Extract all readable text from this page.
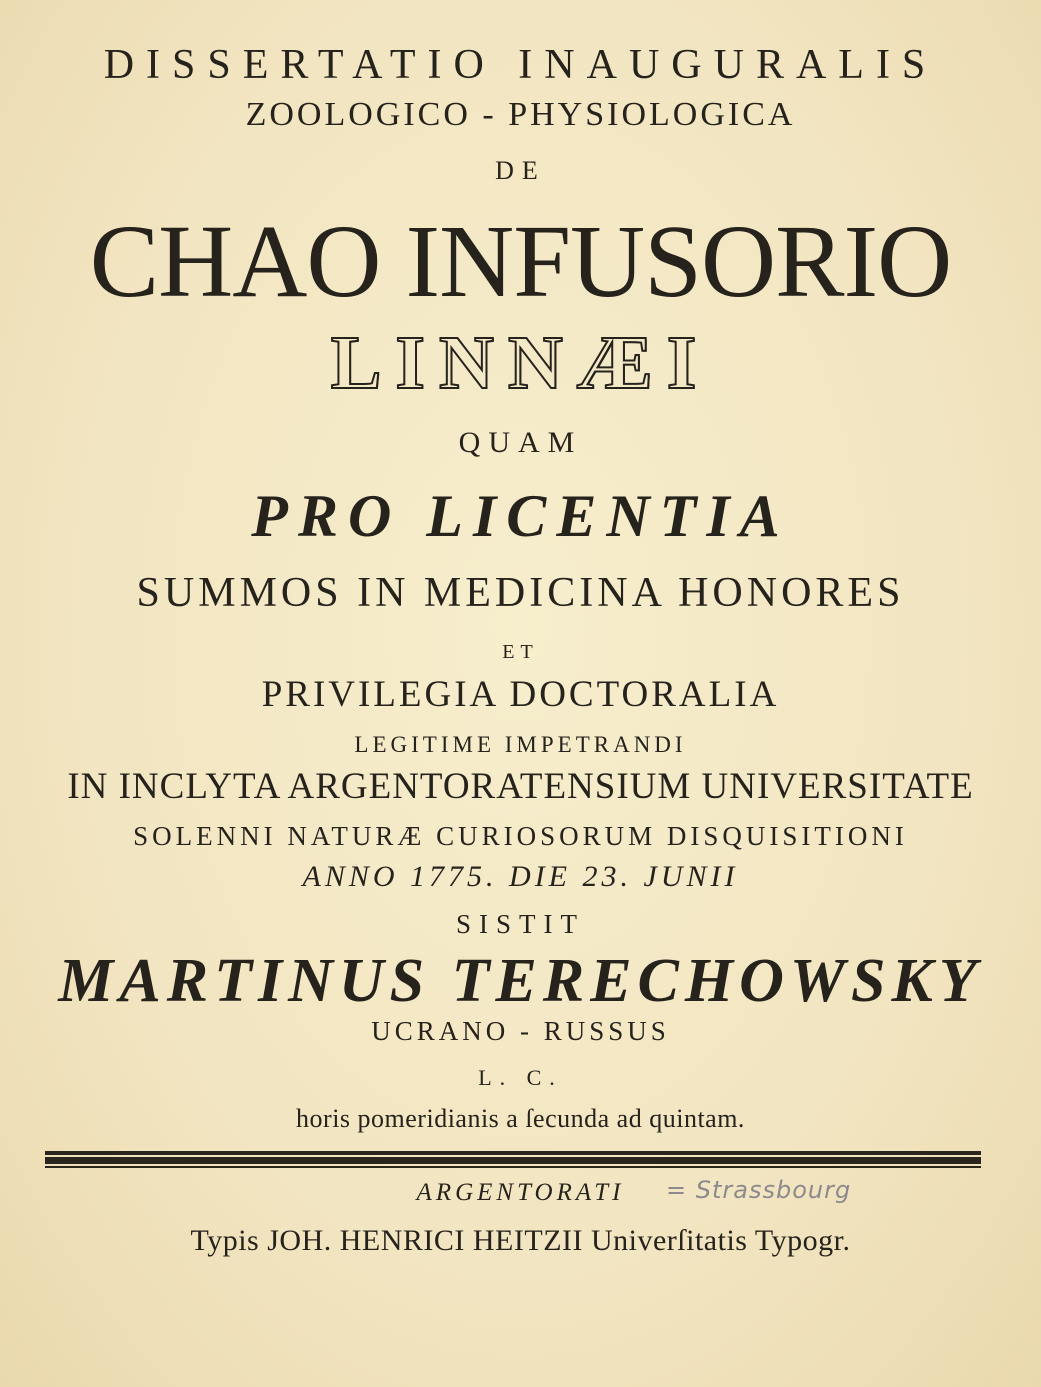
DISSERTATIO INAUGURALIS
ZOOLOGICO - PHYSIOLOGICA
DE
CHAO INFUSORIO
LINNÆI
QUAM
PRO LICENTIA
SUMMOS IN MEDICINA HONORES
ET
PRIVILEGIA DOCTORALIA
LEGITIME IMPETRANDI
IN INCLYTA ARGENTORATENSIUM UNIVERSITATE
SOLENNI NATURÆ CURIOSORUM DISQUISITIONI
ANNO 1775. DIE 23. JUNII
SISTIT
MARTINUS TERECHOWSKY
UCRANO - RUSSUS
L. C.
horis pomeridianis a ſecunda ad quintam.
ARGENTORATI	= Strassbourg
Typis JOH. HENRICI HEITZII Univerſitatis Typogr.
